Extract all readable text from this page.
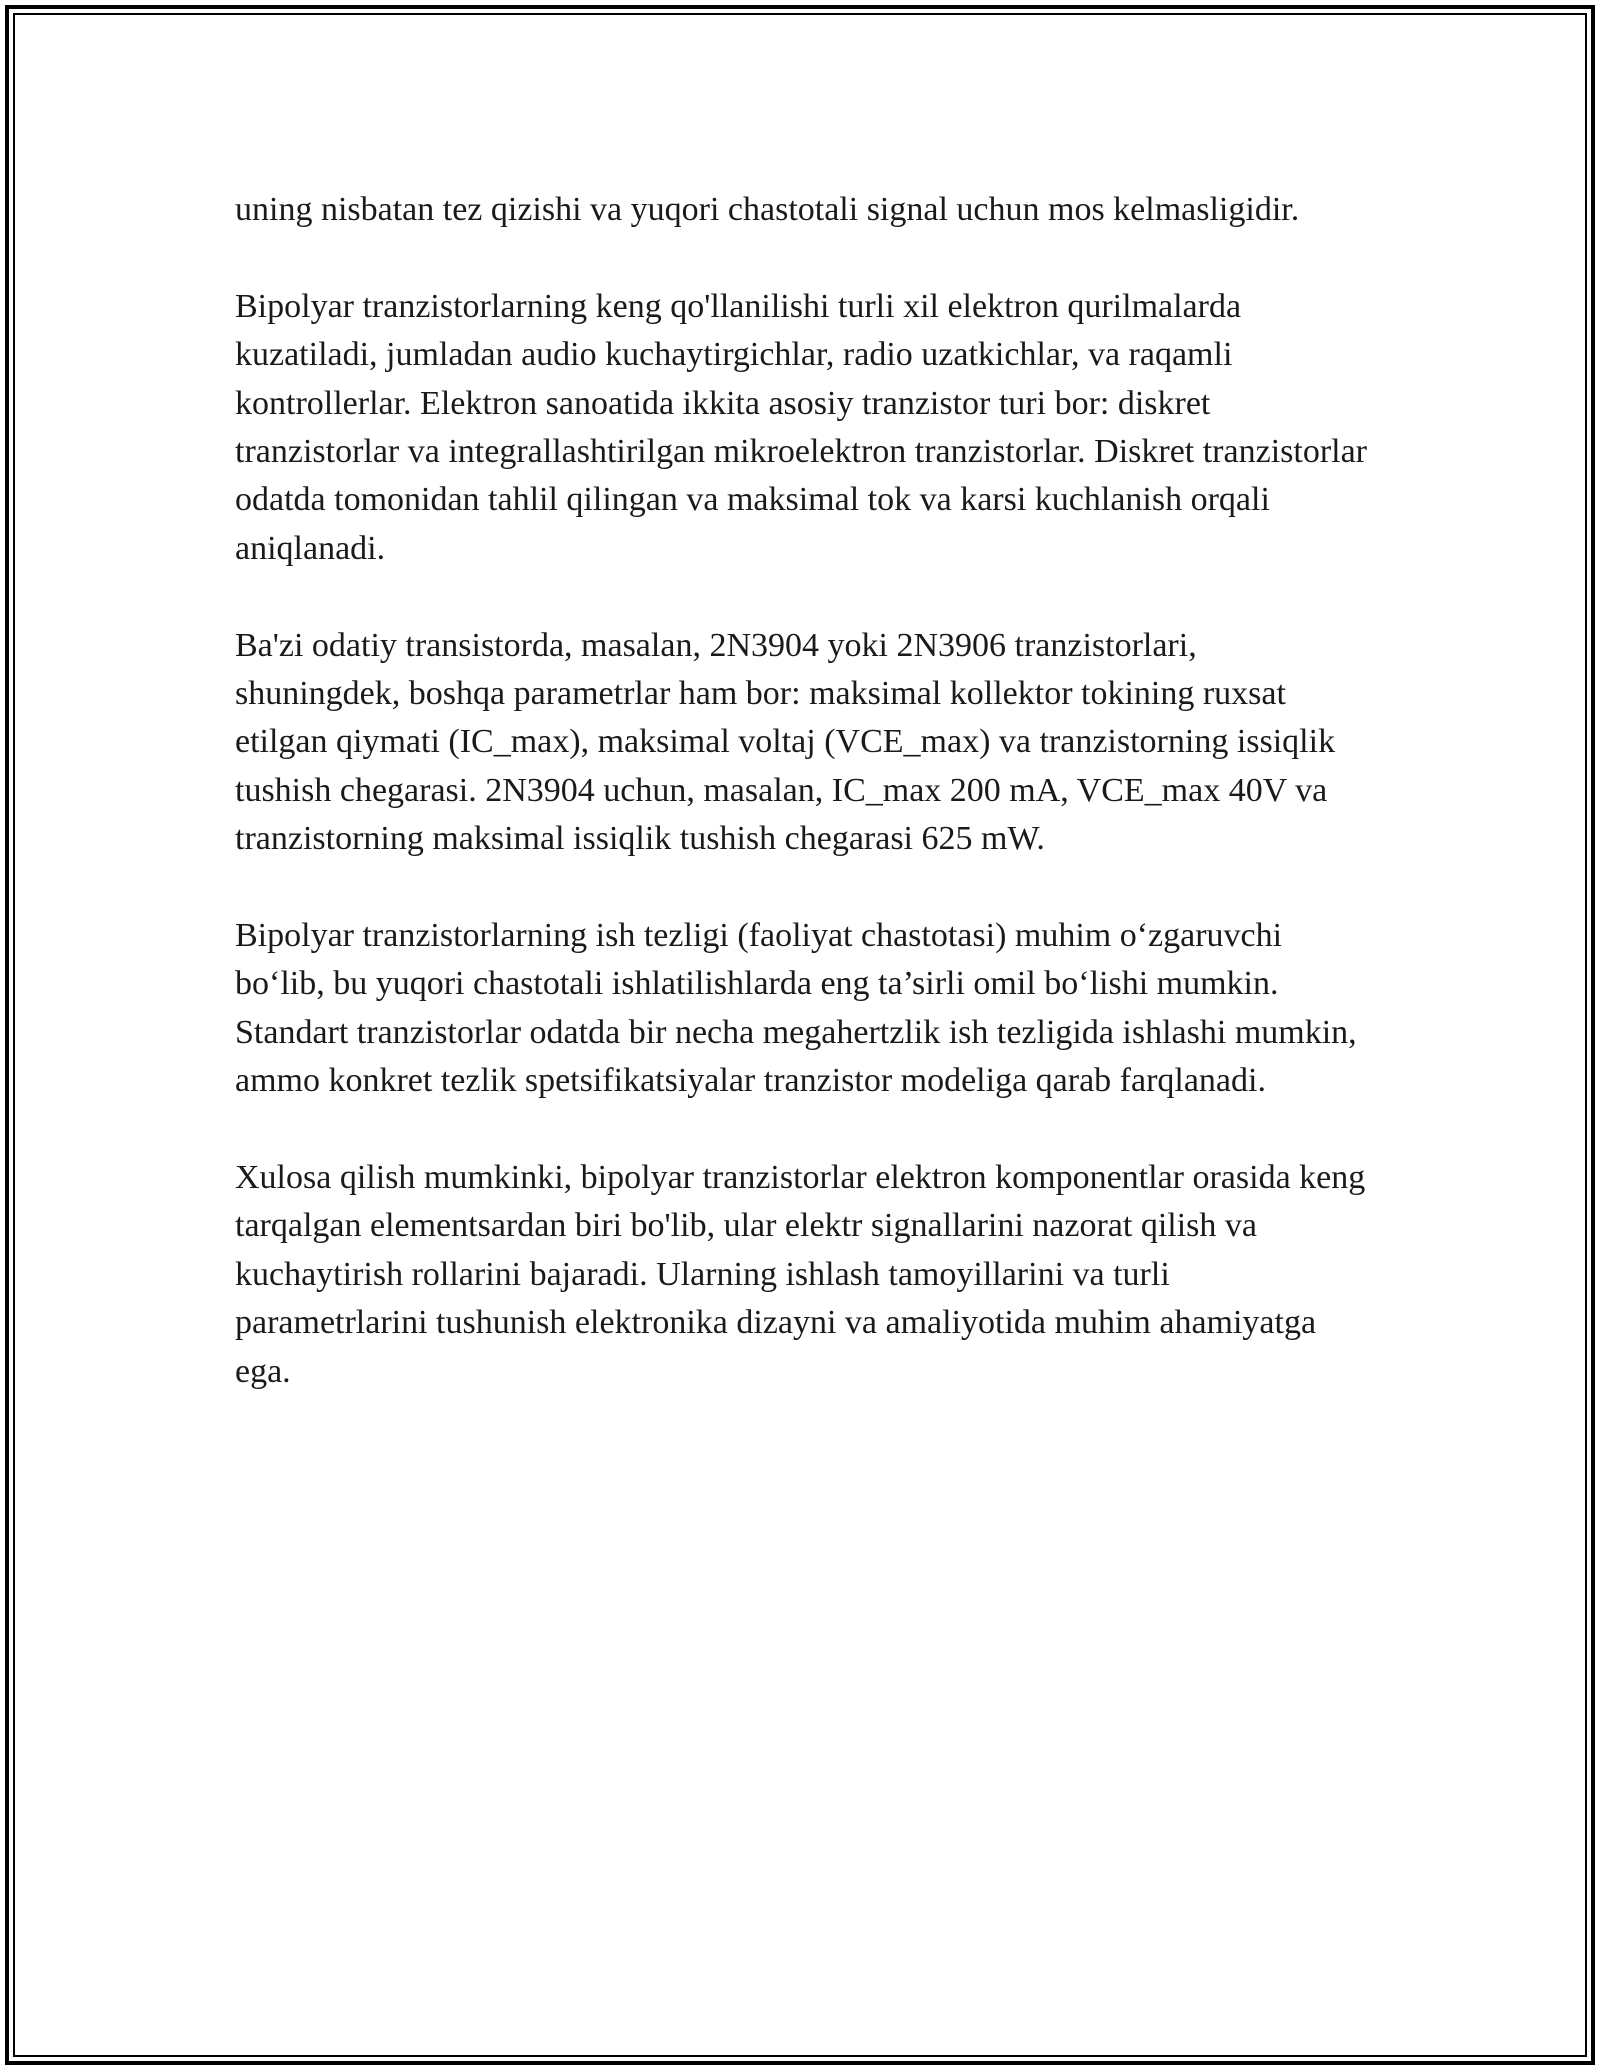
uning nisbatan tez qizishi va yuqori chastotali signal uchun mos kelmasligidir.

Bipolyar tranzistorlarning keng qo'llanilishi turli xil elektron qurilmalarda kuzatiladi, jumladan audio kuchaytirgichlar, radio uzatkichlar, va raqamli kontrollerlar. Elektron sanoatida ikkita asosiy tranzistor turi bor: diskret tranzistorlar va integrallashtirilgan mikroelektron tranzistorlar. Diskret tranzistorlar odatda tomonidan tahlil qilingan va maksimal tok va karsi kuchlanish orqali aniqlanadi.

Ba'zi odatiy transistorda, masalan, 2N3904 yoki 2N3906 tranzistorlari, shuningdek, boshqa parametrlar ham bor: maksimal kollektor tokining ruxsat etilgan qiymati (IC_max), maksimal voltaj (VCE_max) va tranzistorning issiqlik tushish chegarasi. 2N3904 uchun, masalan, IC_max 200 mA, VCE_max 40V va tranzistorning maksimal issiqlik tushish chegarasi 625 mW.

Bipolyar tranzistorlarning ish tezligi (faoliyat chastotasi) muhim o‘zgaruvchi bo‘lib, bu yuqori chastotali ishlatilishlarda eng ta’sirli omil bo‘lishi mumkin. Standart tranzistorlar odatda bir necha megahertzlik ish tezligida ishlashi mumkin, ammo konkret tezlik spetsifikatsiyalar tranzistor modeliga qarab farqlanadi.

Xulosa qilish mumkinki, bipolyar tranzistorlar elektron komponentlar orasida keng tarqalgan elementsardan biri bo'lib, ular elektr signallarini nazorat qilish va kuchaytirish rollarini bajaradi. Ularning ishlash tamoyillarini va turli parametrlarini tushunish elektronika dizayni va amaliyotida muhim ahamiyatga ega.
